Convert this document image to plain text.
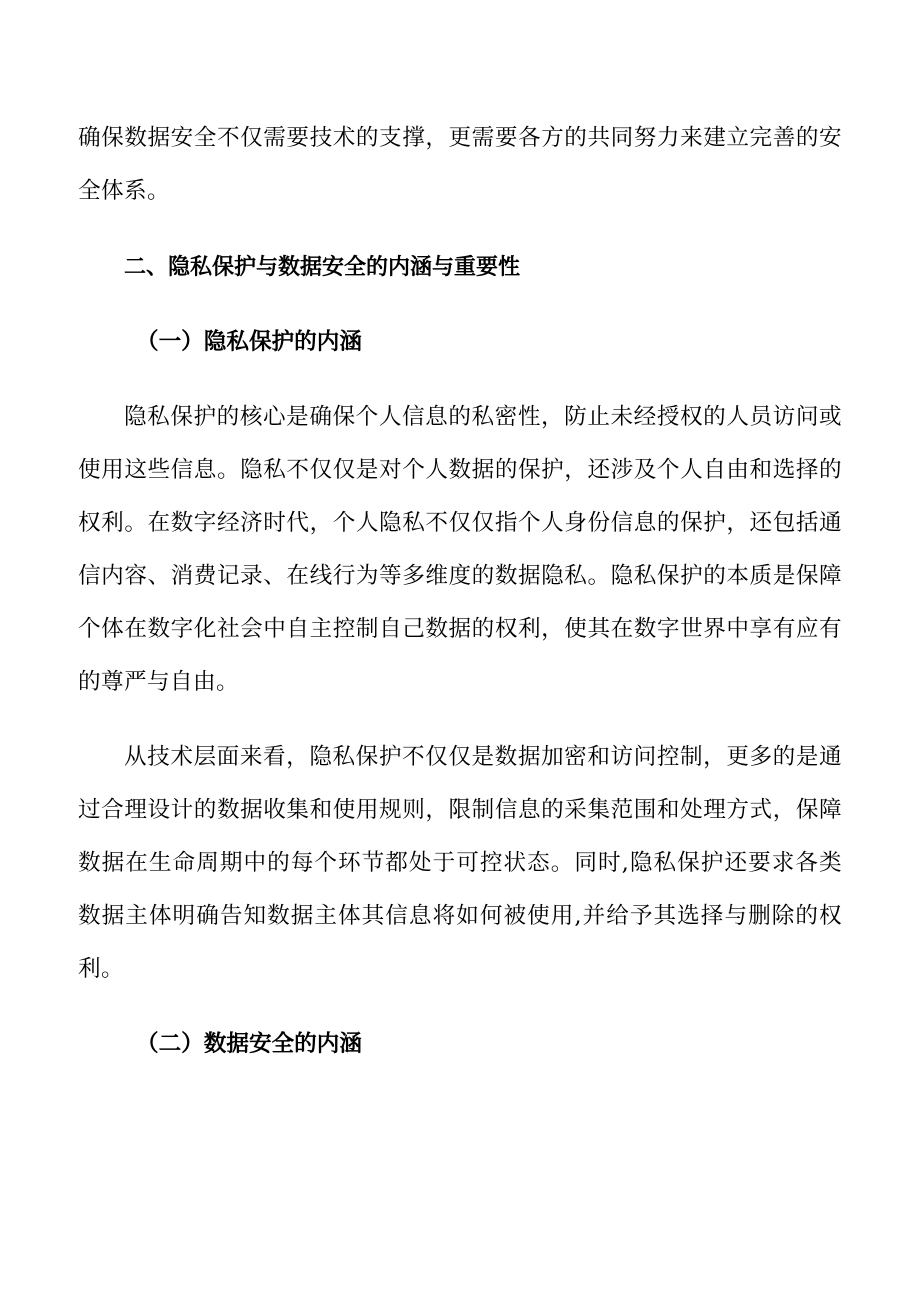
确保数据安全不仅需要技术的支撑，更需要各方的共同努力来建立完善的安全体系。

二、隐私保护与数据安全的内涵与重要性
（一）隐私保护的内涵

隐私保护的核心是确保个人信息的私密性，防止未经授权的人员访问或使用这些信息。隐私不仅仅是对个人数据的保护，还涉及个人自由和选择的权利。在数字经济时代，个人隐私不仅仅指个人身份信息的保护，还包括通信内容、消费记录、在线行为等多维度的数据隐私。隐私保护的本质是保障个体在数字化社会中自主控制自己数据的权利，使其在数字世界中享有应有的尊严与自由。

从技术层面来看，隐私保护不仅仅是数据加密和访问控制，更多的是通过合理设计的数据收集和使用规则，限制信息的采集范围和处理方式，保障数据在生命周期中的每个环节都处于可控状态。同时,隐私保护还要求各类数据主体明确告知数据主体其信息将如何被使用,并给予其选择与删除的权利。

（二）数据安全的内涵
